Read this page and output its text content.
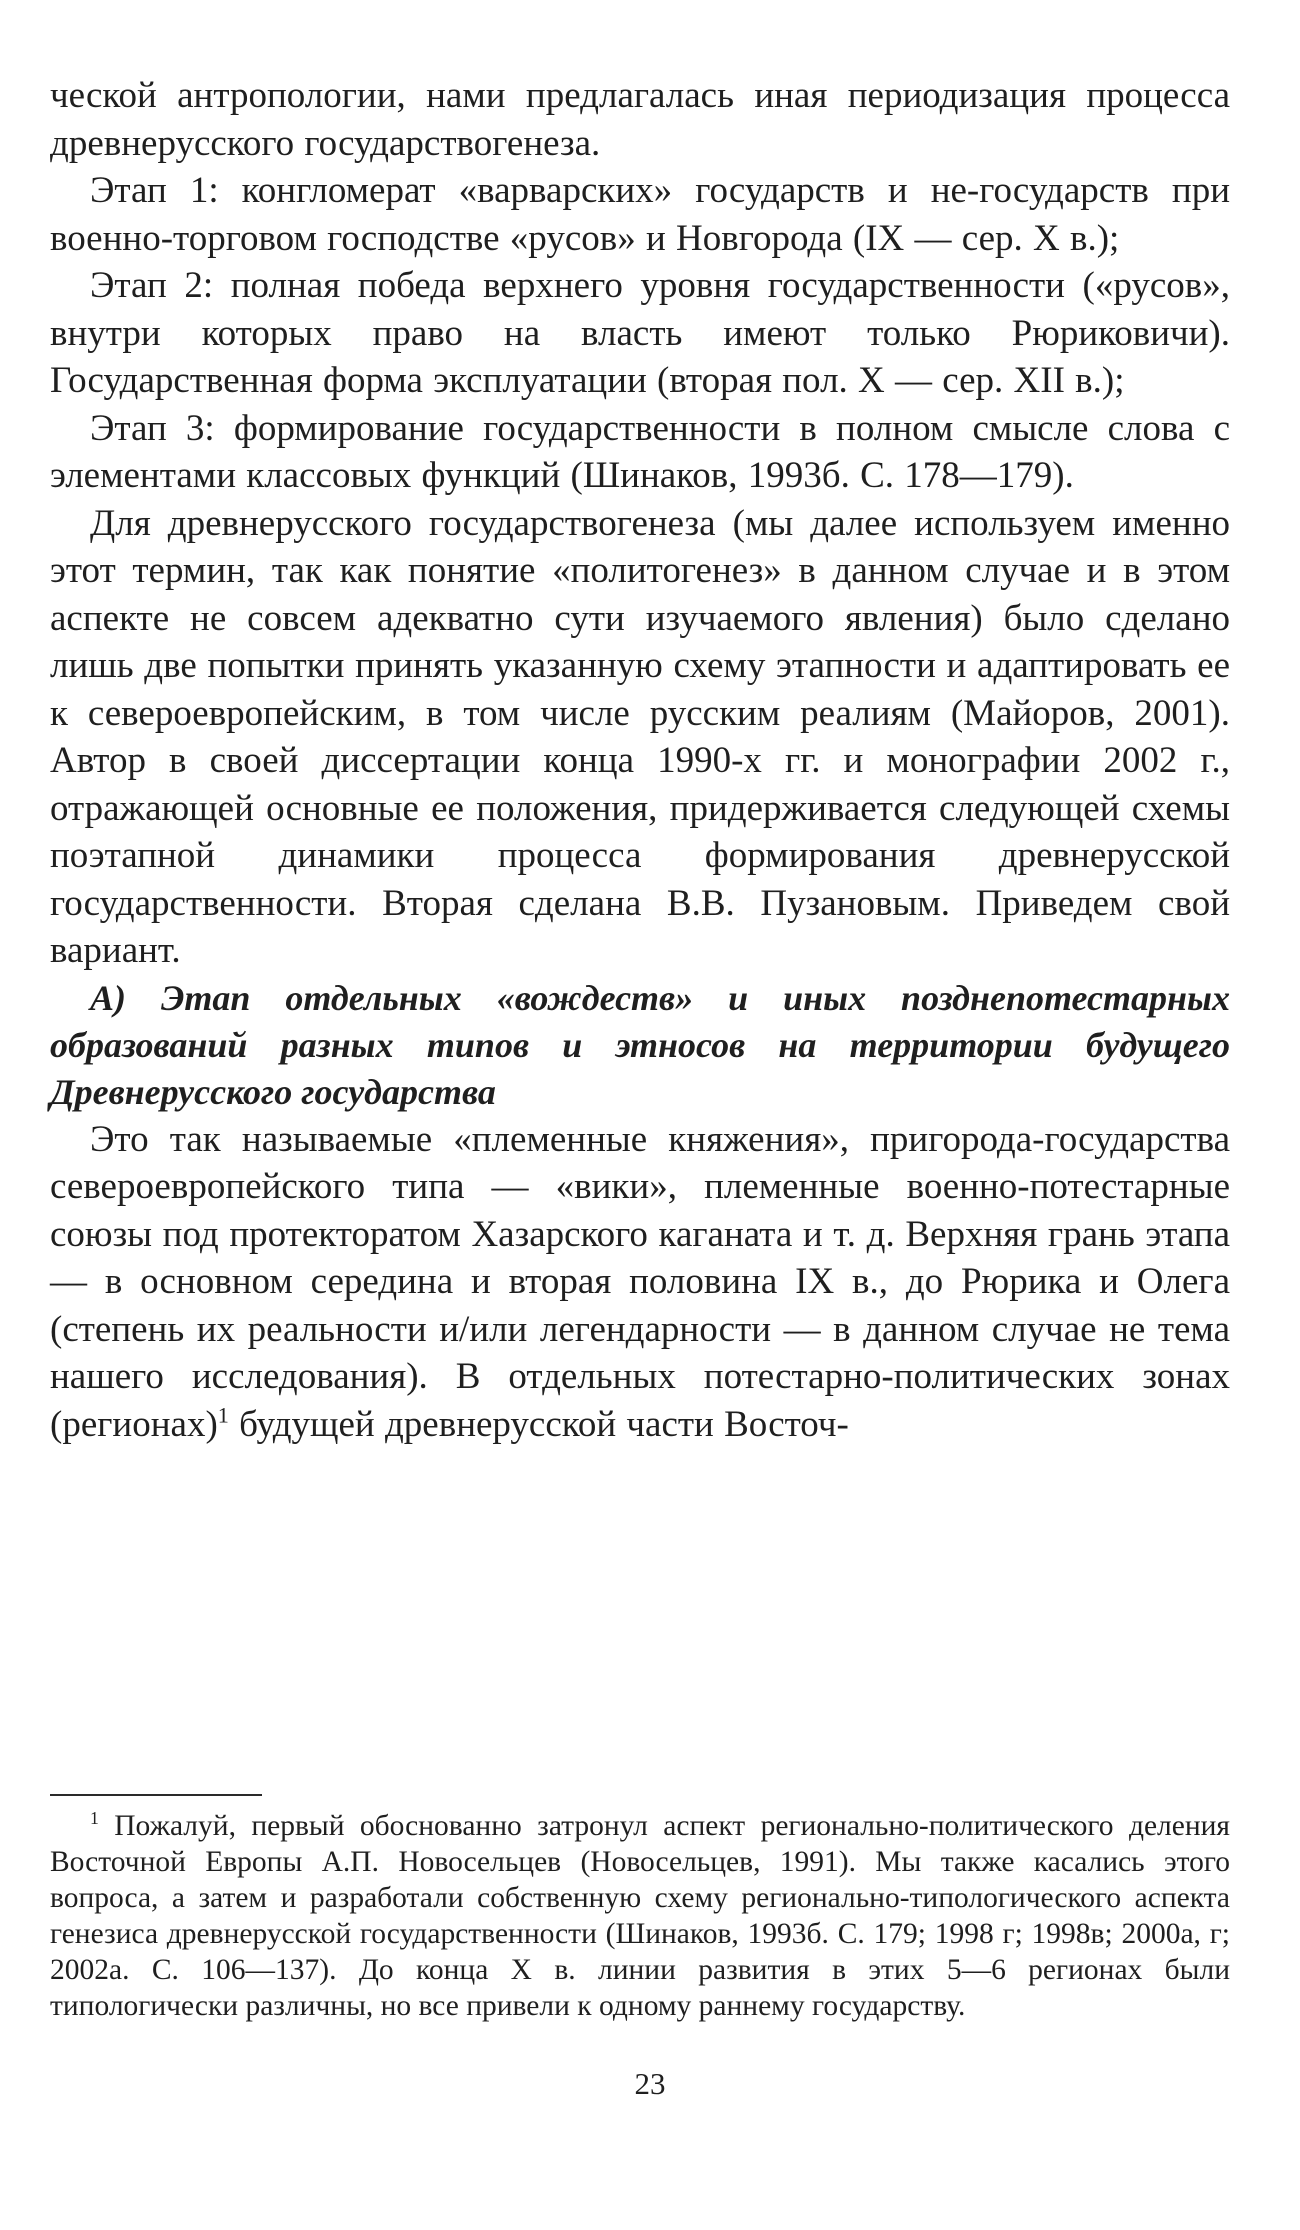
ческой антропологии, нами предлагалась иная периодизация процесса древнерусского государствогенеза.

Этап 1: конгломерат «варварских» государств и не-государств при военно-торговом господстве «русов» и Новгорода (IX — сер. X в.);

Этап 2: полная победа верхнего уровня государственности («русов», внутри которых право на власть имеют только Рюриковичи). Государственная форма эксплуатации (вторая пол. X — сер. XII в.);

Этап 3: формирование государственности в полном смысле слова с элементами классовых функций (Шинаков, 1993б. С. 178—179).

Для древнерусского государствогенеза (мы далее используем именно этот термин, так как понятие «политогенез» в данном случае и в этом аспекте не совсем адекватно сути изучаемого явления) было сделано лишь две попытки принять указанную схему этапности и адаптировать ее к североевропейским, в том числе русским реалиям (Майоров, 2001). Автор в своей диссертации конца 1990-х гг. и монографии 2002 г., отражающей основные ее положения, придерживается следующей схемы поэтапной динамики процесса формирования древнерусской государственности. Вторая сделана В.В. Пузановым. Приведем свой вариант.

А) Этап отдельных «вождеств» и иных позднепотестарных образований разных типов и этносов на территории будущего Древнерусского государства

Это так называемые «племенные княжения», пригорода-государства североевропейского типа — «вики», племенные военно-потестарные союзы под протекторатом Хазарского каганата и т. д. Верхняя грань этапа — в основном середина и вторая половина IX в., до Рюрика и Олега (степень их реальности и/или легендарности — в данном случае не тема нашего исследования). В отдельных потестарно-политических зонах (регионах)$^1$ будущей древнерусской части Восточ-

$^1$ Пожалуй, первый обоснованно затронул аспект регионально-политического деления Восточной Европы А.П. Новосельцев (Новосельцев, 1991). Мы также касались этого вопроса, а затем и разработали собственную схему регионально-типологического аспекта генезиса древнерусской государственности (Шинаков, 1993б. С. 179; 1998 г; 1998в; 2000а, г; 2002а. С. 106—137). До конца X в. линии развития в этих 5—6 регионах были типологически различны, но все привели к одному раннему государству.

23
